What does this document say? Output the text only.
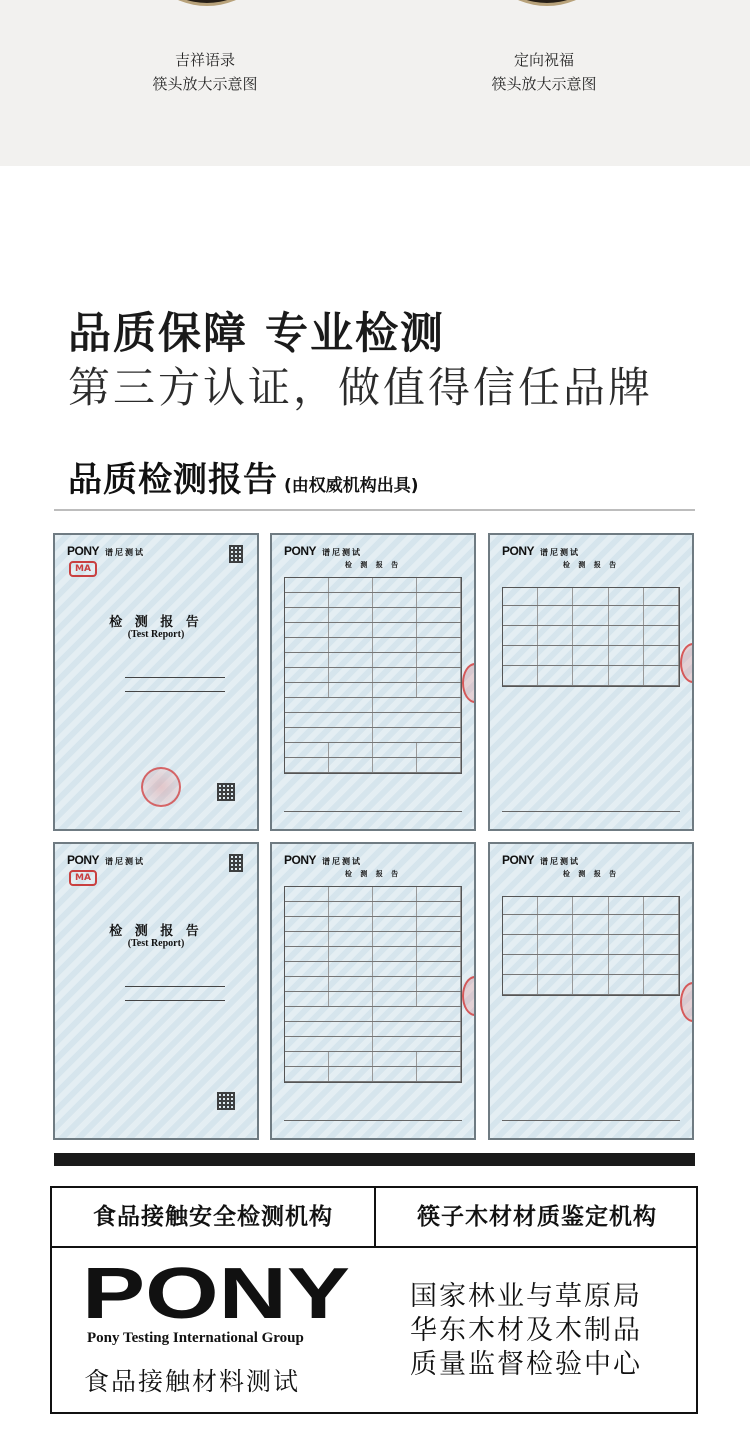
吉祥语录
筷头放大示意图
定向祝福
筷头放大示意图
品质保障 专业检测
第三方认证，做值得信任品牌
品质检测报告 (由权威机构出具)
PONY 谱尼测试
MA
检 测 报 告
(Test Report)
PONY 谱尼测试
检 测 报 告

PONY 谱尼测试
检 测 报 告

PONY 谱尼测试
MA
检 测 报 告
(Test Report)
PONY 谱尼测试
检 测 报 告

PONY 谱尼测试
检 测 报 告

食品接触安全检测机构	筷子木材材质鉴定机构
PONY
Pony Testing International Group
食品接触材料测试
国家林业与草原局
华东木材及木制品
质量监督检验中心
